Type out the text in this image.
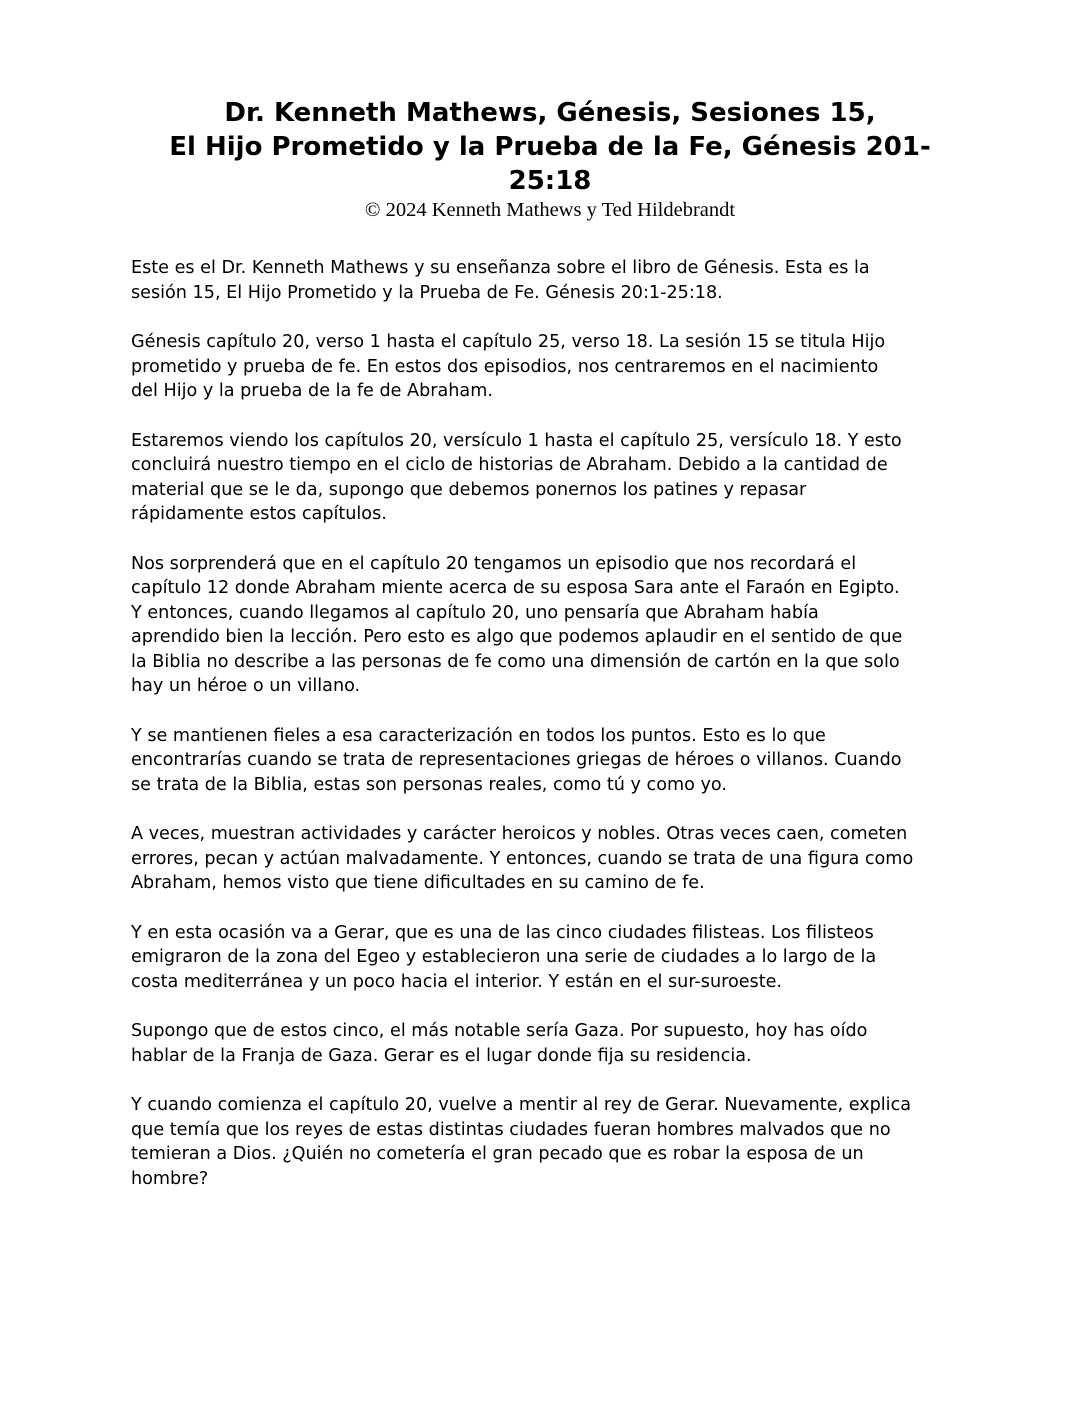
Dr. Kenneth Mathews, Génesis, Sesiones 15,
El Hijo Prometido y la Prueba de la Fe, Génesis 201-
25:18
© 2024 Kenneth Mathews y Ted Hildebrandt

Este es el Dr. Kenneth Mathews y su enseñanza sobre el libro de Génesis. Esta es la
sesión 15, El Hijo Prometido y la Prueba de Fe. Génesis 20:1-25:18.

Génesis capítulo 20, verso 1 hasta el capítulo 25, verso 18. La sesión 15 se titula Hijo
prometido y prueba de fe. En estos dos episodios, nos centraremos en el nacimiento
del Hijo y la prueba de la fe de Abraham.

Estaremos viendo los capítulos 20, versículo 1 hasta el capítulo 25, versículo 18. Y esto
concluirá nuestro tiempo en el ciclo de historias de Abraham. Debido a la cantidad de
material que se le da, supongo que debemos ponernos los patines y repasar
rápidamente estos capítulos.

Nos sorprenderá que en el capítulo 20 tengamos un episodio que nos recordará el
capítulo 12 donde Abraham miente acerca de su esposa Sara ante el Faraón en Egipto.
Y entonces, cuando llegamos al capítulo 20, uno pensaría que Abraham había
aprendido bien la lección. Pero esto es algo que podemos aplaudir en el sentido de que
la Biblia no describe a las personas de fe como una dimensión de cartón en la que solo
hay un héroe o un villano.

Y se mantienen fieles a esa caracterización en todos los puntos. Esto es lo que
encontrarías cuando se trata de representaciones griegas de héroes o villanos. Cuando
se trata de la Biblia, estas son personas reales, como tú y como yo.

A veces, muestran actividades y carácter heroicos y nobles. Otras veces caen, cometen
errores, pecan y actúan malvadamente. Y entonces, cuando se trata de una figura como
Abraham, hemos visto que tiene dificultades en su camino de fe.

Y en esta ocasión va a Gerar, que es una de las cinco ciudades filisteas. Los filisteos
emigraron de la zona del Egeo y establecieron una serie de ciudades a lo largo de la
costa mediterránea y un poco hacia el interior. Y están en el sur-suroeste.

Supongo que de estos cinco, el más notable sería Gaza. Por supuesto, hoy has oído
hablar de la Franja de Gaza. Gerar es el lugar donde fija su residencia.

Y cuando comienza el capítulo 20, vuelve a mentir al rey de Gerar. Nuevamente, explica
que temía que los reyes de estas distintas ciudades fueran hombres malvados que no
temieran a Dios. ¿Quién no cometería el gran pecado que es robar la esposa de un
hombre?
